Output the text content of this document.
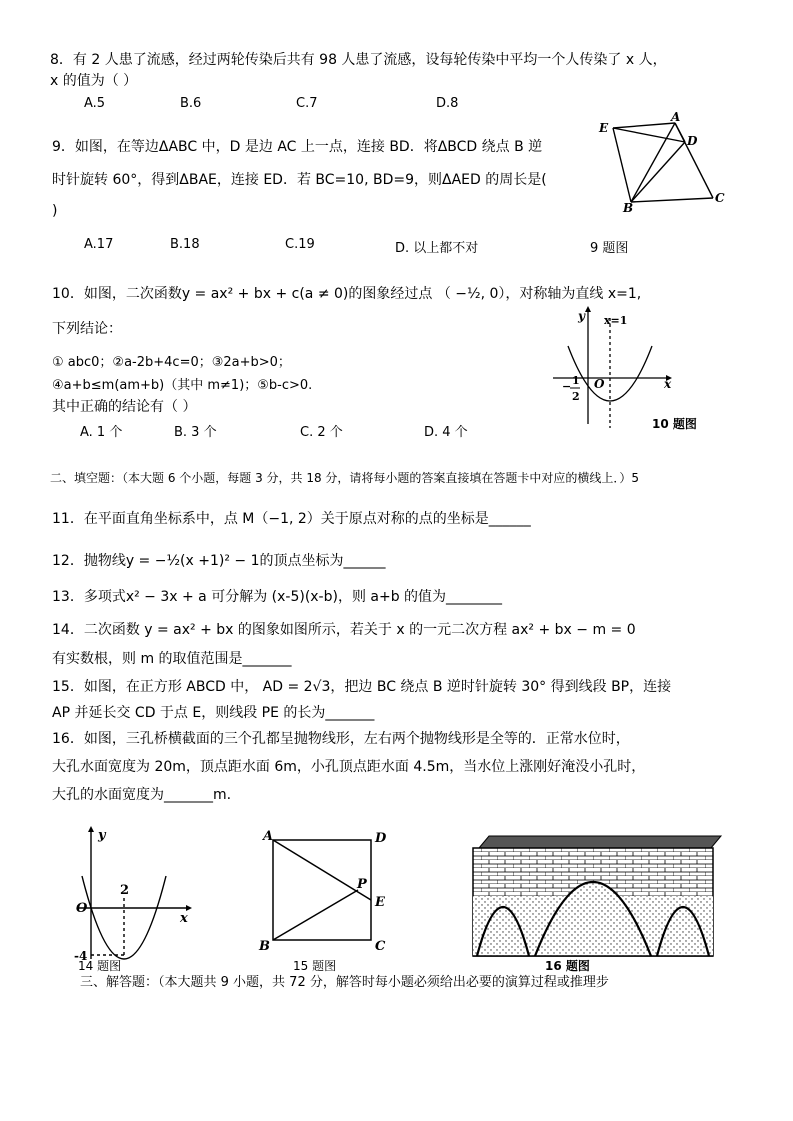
8．有 2 人患了流感，经过两轮传染后共有 98 人患了流感，设每轮传染中平均一个人传染了 x 人，
x 的值为（ ）
A.5	B.6	C.7	D.8
9．如图，在等边ΔABC 中，D 是边 AC 上一点，连接 BD．将ΔBCD 绕点 B 逆
时针旋转 60°，得到ΔBAE，连接 ED．若 BC=10, BD=9，则ΔAED 的周长是(
)
A.17	B.18	C.19	D. 以上都不对	9 题图
E
A
D
B
C
10．如图，二次函数y = ax² + bx + c(a ≠ 0)的图象经过点 （ −½, 0），对称轴为直线 x=1,
下列结论：
① abc0；②a-2b+4c=0；③2a+b>0；
④a+b≤m(am+b)（其中 m≠1)；⑤b-c>0.
其中正确的结论有（ ）
A. 1 个	B. 3 个	C. 2 个	D. 4 个
y
x
O
x=1
− 1
2
10 题图
二、填空题：（本大题 6 个小题，每题 3 分，共 18 分，请将每小题的答案直接填在答题卡中对应的横线上．）5
11．在平面直角坐标系中，点 M（−1, 2）关于原点对称的点的坐标是______
12．抛物线y = −½(x +1)² − 1的顶点坐标为______
13．多项式x² − 3x + a 可分解为 (x-5)(x-b)，则 a+b 的值为________
14．二次函数 y = ax² + bx 的图象如图所示，若关于 x 的一元二次方程 ax² + bx − m = 0
有实数根，则 m 的取值范围是_______
15．如图，在正方形 ABCD 中， AD = 2√3，把边 BC 绕点 B 逆时针旋转 30° 得到线段 BP，连接
AP 并延长交 CD 于点 E，则线段 PE 的长为_______
16．如图，三孔桥横截面的三个孔都呈抛物线形，左右两个抛物线形是全等的．正常水位时，
大孔水面宽度为 20m，顶点距水面 6m，小孔顶点距水面 4.5m，当水位上涨刚好淹没小孔时，
大孔的水面宽度为_______m.
y
x
O
2
-4
14 题图
A	D
B	C
P
E
15 题图	16 题图
三、解答题：（本大题共 9 小题，共 72 分，解答时每小题必须给出必要的演算过程或推理步
